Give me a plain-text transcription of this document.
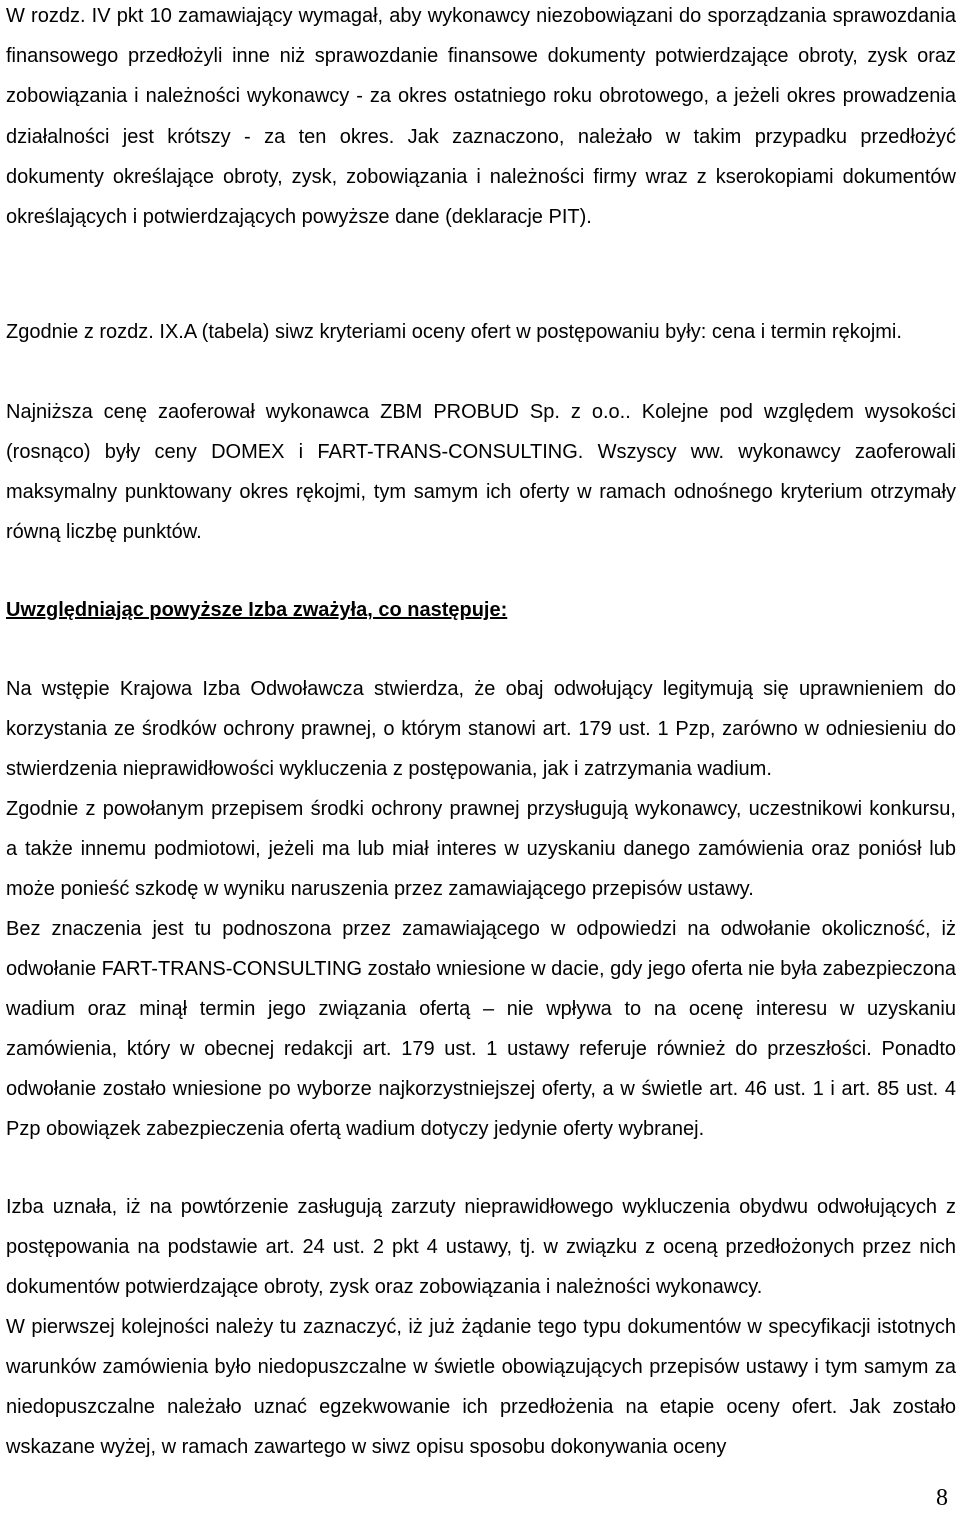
W rozdz. IV pkt 10 zamawiający wymagał, aby wykonawcy niezobowiązani do sporządzania sprawozdania finansowego przedłożyli inne niż sprawozdanie finansowe dokumenty potwierdzające obroty, zysk oraz zobowiązania i należności wykonawcy - za okres ostatniego roku obrotowego, a jeżeli okres prowadzenia działalności jest krótszy - za ten okres. Jak zaznaczono, należało w takim przypadku przedłożyć dokumenty określające obroty, zysk, zobowiązania i należności firmy wraz z kserokopiami dokumentów określających i potwierdzających powyższe dane (deklaracje PIT).

Zgodnie z rozdz. IX.A (tabela) siwz kryteriami oceny ofert w postępowaniu były: cena i termin rękojmi.

Najniższa cenę zaoferował wykonawca ZBM PROBUD Sp. z o.o.. Kolejne pod względem wysokości (rosnąco) były ceny DOMEX i FART-TRANS-CONSULTING. Wszyscy ww. wykonawcy zaoferowali maksymalny punktowany okres rękojmi, tym samym ich oferty w ramach odnośnego kryterium otrzymały równą liczbę punktów.

Uwzględniając powyższe Izba zważyła, co następuje:

Na wstępie Krajowa Izba Odwoławcza stwierdza, że obaj odwołujący legitymują się uprawnieniem do korzystania ze środków ochrony prawnej, o którym stanowi art. 179 ust. 1 Pzp, zarówno w odniesieniu do stwierdzenia nieprawidłowości wykluczenia z postępowania, jak i zatrzymania wadium.

Zgodnie z powołanym przepisem środki ochrony prawnej przysługują wykonawcy, uczestnikowi konkursu, a także innemu podmiotowi, jeżeli ma lub miał interes w uzyskaniu danego zamówienia oraz poniósł lub może ponieść szkodę w wyniku naruszenia przez zamawiającego przepisów ustawy.

Bez znaczenia jest tu podnoszona przez zamawiającego w odpowiedzi na odwołanie okoliczność, iż odwołanie FART-TRANS-CONSULTING zostało wniesione w dacie, gdy jego oferta nie była zabezpieczona wadium oraz minął termin jego związania ofertą – nie wpływa to na ocenę interesu w uzyskaniu zamówienia, który w obecnej redakcji art. 179 ust. 1 ustawy referuje również do przeszłości. Ponadto odwołanie zostało wniesione po wyborze najkorzystniejszej oferty, a w świetle art. 46 ust. 1 i art. 85 ust. 4 Pzp obowiązek zabezpieczenia ofertą wadium dotyczy jedynie oferty wybranej.

Izba uznała, iż na powtórzenie zasługują zarzuty nieprawidłowego wykluczenia obydwu odwołujących z postępowania na podstawie art. 24 ust. 2 pkt 4 ustawy, tj. w związku z oceną przedłożonych przez nich dokumentów potwierdzające obroty, zysk oraz zobowiązania i należności wykonawcy.

W pierwszej kolejności należy tu zaznaczyć, iż już żądanie tego typu dokumentów w specyfikacji istotnych warunków zamówienia było niedopuszczalne w świetle obowiązujących przepisów ustawy i tym samym za niedopuszczalne należało uznać egzekwowanie ich przedłożenia na etapie oceny ofert. Jak zostało wskazane wyżej, w ramach zawartego w siwz opisu sposobu dokonywania oceny

8
